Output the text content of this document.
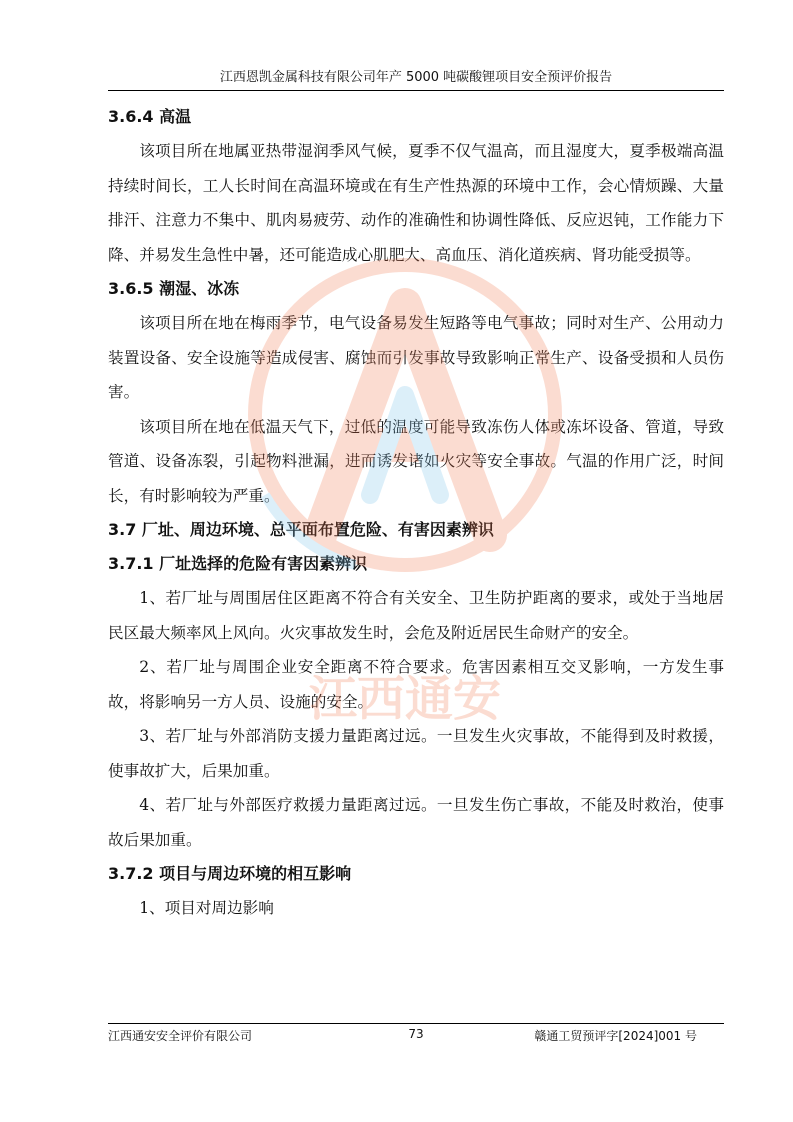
江西恩凯金属科技有限公司年产 5000 吨碳酸锂项目安全预评价报告
3.6.4 高温

该项目所在地属亚热带湿润季风气候，夏季不仅气温高，而且湿度大，夏季极端高温持续时间长，工人长时间在高温环境或在有生产性热源的环境中工作，会心情烦躁、大量排汗、注意力不集中、肌肉易疲劳、动作的准确性和协调性降低、反应迟钝，工作能力下降、并易发生急性中暑，还可能造成心肌肥大、高血压、消化道疾病、肾功能受损等。

3.6.5 潮湿、冰冻

该项目所在地在梅雨季节，电气设备易发生短路等电气事故；同时对生产、公用动力装置设备、安全设施等造成侵害、腐蚀而引发事故导致影响正常生产、设备受损和人员伤害。

该项目所在地在低温天气下，过低的温度可能导致冻伤人体或冻坏设备、管道，导致管道、设备冻裂，引起物料泄漏，进而诱发诸如火灾等安全事故。气温的作用广泛，时间长，有时影响较为严重。

3.7 厂址、周边环境、总平面布置危险、有害因素辨识
3.7.1 厂址选择的危险有害因素辨识

1、若厂址与周围居住区距离不符合有关安全、卫生防护距离的要求，或处于当地居民区最大频率风上风向。火灾事故发生时，会危及附近居民生命财产的安全。

2、若厂址与周围企业安全距离不符合要求。危害因素相互交叉影响，一方发生事故，将影响另一方人员、设施的安全。

3、若厂址与外部消防支援力量距离过远。一旦发生火灾事故，不能得到及时救援，使事故扩大，后果加重。

4、若厂址与外部医疗救援力量距离过远。一旦发生伤亡事故，不能及时救治，使事故后果加重。

3.7.2 项目与周边环境的相互影响

1、项目对周边影响

江西通安
江西通安安全评价有限公司	73	赣通工贸预评字[2024]001 号
